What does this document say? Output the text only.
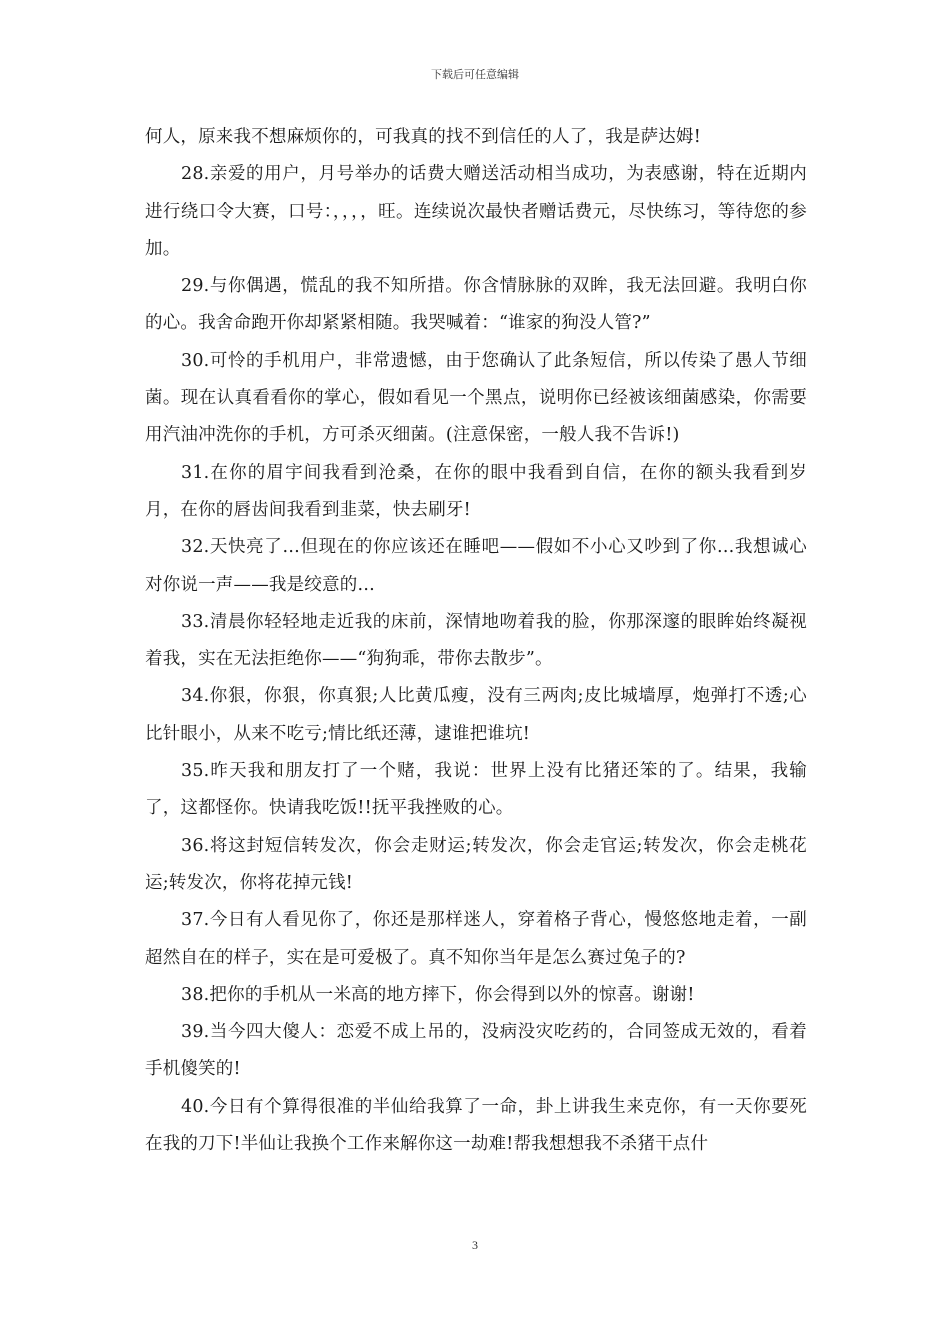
下载后可任意编辑

何人，原来我不想麻烦你的，可我真的找不到信任的人了，我是萨达姆!

28.亲爱的用户，月号举办的话费大赠送活动相当成功，为表感谢，特在近期内进行绕口令大赛，口号：，，，，旺。连续说次最快者赠话费元，尽快练习，等待您的参加。

29.与你偶遇，慌乱的我不知所措。你含情脉脉的双眸，我无法回避。我明白你的心。我舍命跑开你却紧紧相随。我哭喊着：“谁家的狗没人管?”

30.可怜的手机用户，非常遗憾，由于您确认了此条短信，所以传染了愚人节细菌。现在认真看看你的掌心，假如看见一个黑点，说明你已经被该细菌感染，你需要用汽油冲洗你的手机，方可杀灭细菌。(注意保密，一般人我不告诉!)

31.在你的眉宇间我看到沧桑，在你的眼中我看到自信，在你的额头我看到岁月，在你的唇齿间我看到韭菜，快去刷牙!

32.天快亮了…但现在的你应该还在睡吧——假如不小心又吵到了你…我想诚心对你说一声——我是绞意的…

33.清晨你轻轻地走近我的床前，深情地吻着我的脸，你那深邃的眼眸始终凝视着我，实在无法拒绝你——“狗狗乖，带你去散步”。

34.你狠，你狠，你真狠;人比黄瓜瘦，没有三两肉;皮比城墙厚，炮弹打不透;心比针眼小，从来不吃亏;情比纸还薄，逮谁把谁坑!

35.昨天我和朋友打了一个赌，我说：世界上没有比猪还笨的了。结果，我输了，这都怪你。快请我吃饭!!抚平我挫败的心。

36.将这封短信转发次，你会走财运;转发次，你会走官运;转发次，你会走桃花运;转发次，你将花掉元钱!

37.今日有人看见你了，你还是那样迷人，穿着格子背心，慢悠悠地走着，一副超然自在的样子，实在是可爱极了。真不知你当年是怎么赛过兔子的?

38.把你的手机从一米高的地方摔下，你会得到以外的惊喜。谢谢!

39.当今四大傻人：恋爱不成上吊的，没病没灾吃药的，合同签成无效的，看着手机傻笑的!

40.今日有个算得很准的半仙给我算了一命，卦上讲我生来克你，有一天你要死在我的刀下!半仙让我换个工作来解你这一劫难!帮我想想我不杀猪干点什

3
